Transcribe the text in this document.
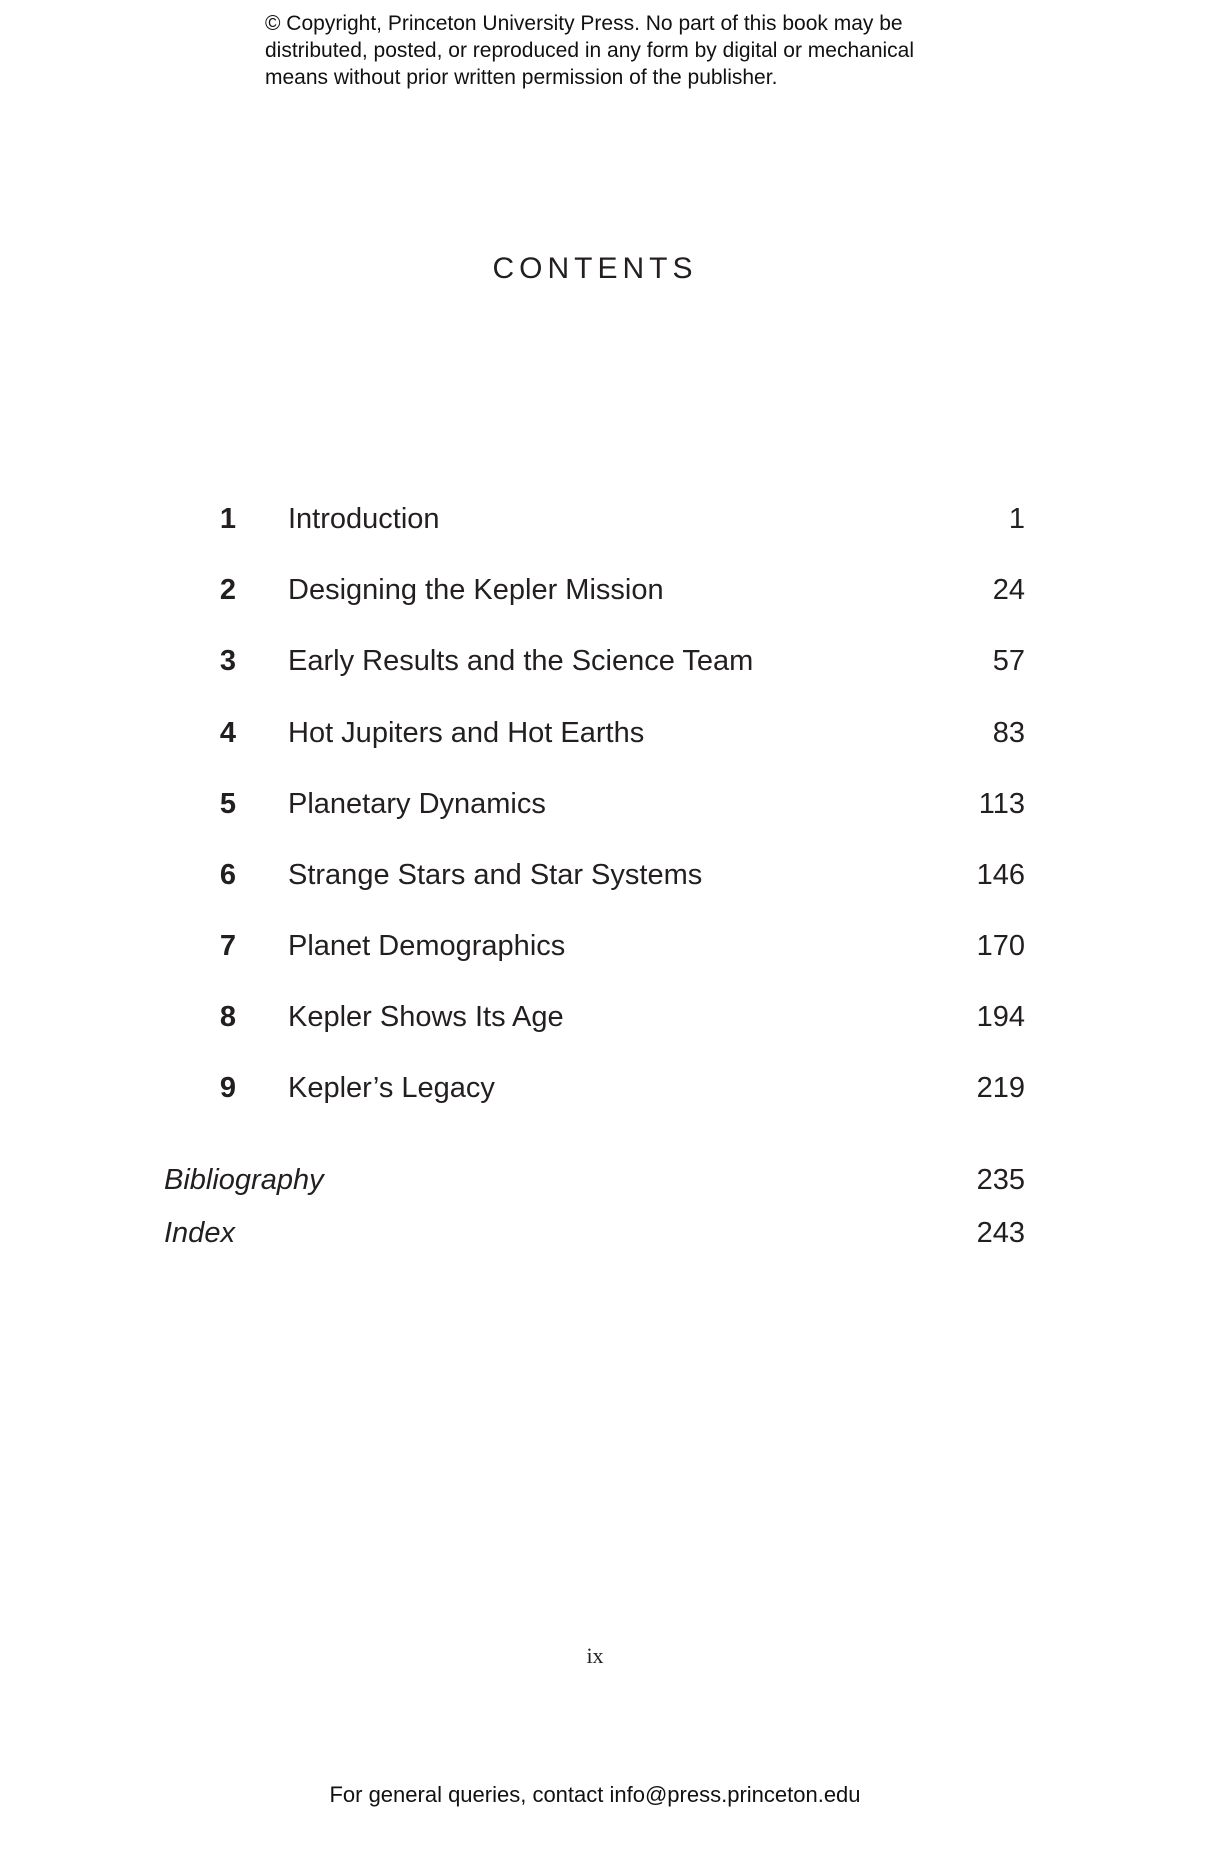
© Copyright, Princeton University Press. No part of this book may be
distributed, posted, or reproduced in any form by digital or mechanical
means without prior written permission of the publisher.
CONTENTS
1 Introduction	1
2 Designing the Kepler Mission	24
3 Early Results and the Science Team	57
4 Hot Jupiters and Hot Earths	83
5 Planetary Dynamics	113
6 Strange Stars and Star Systems	146
7 Planet Demographics	170
8 Kepler Shows Its Age	194
9 Kepler’s Legacy	219
Bibliography	235
Index	243
ix
For general queries, contact info@press.princeton.edu
